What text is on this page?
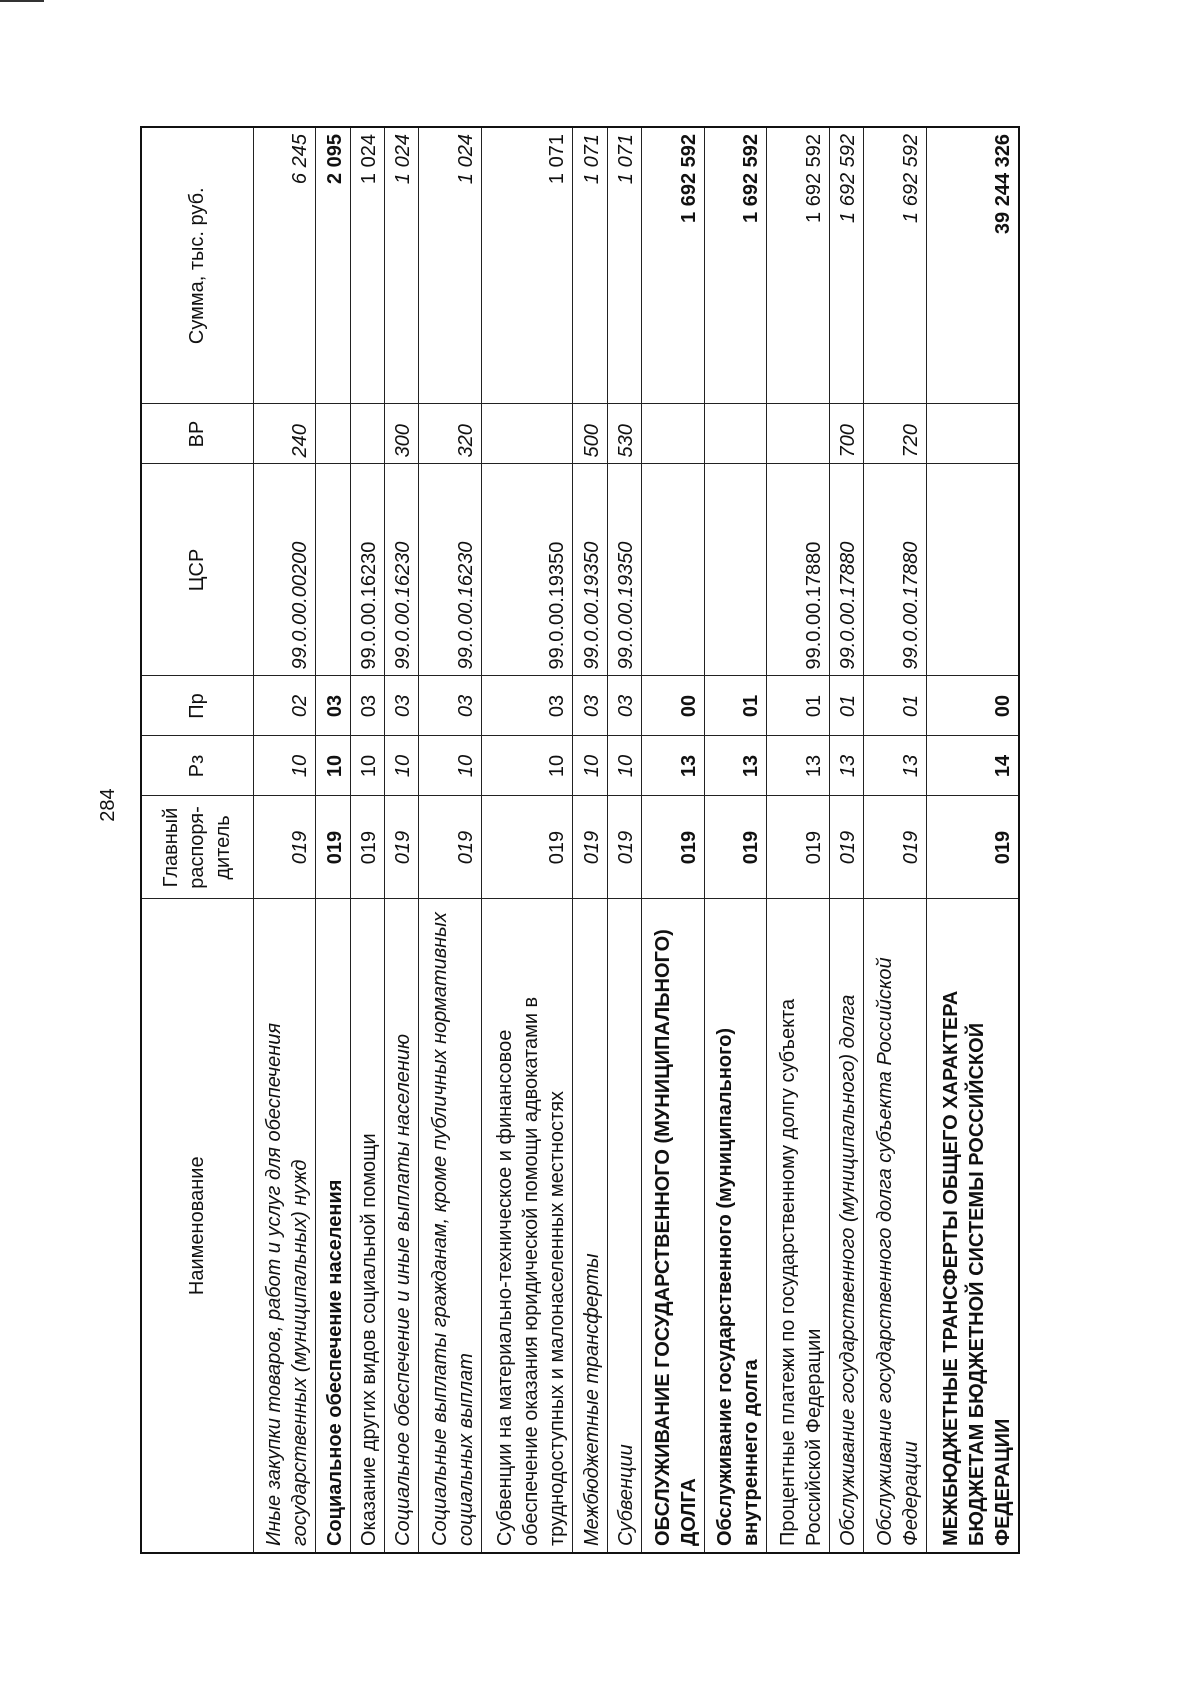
284
Наименование	Главный распоря-дитель	Рз	Пр	ЦСР	ВР	Сумма, тыс. руб.
Иные закупки товаров, работ и услуг для обеспечения государственных (муниципальных) нужд	019	10	02	99.0.00.00200	240	6 245
Социальное обеспечение населения	019	10	03			2 095
Оказание других видов социальной помощи	019	10	03	99.0.00.16230		1 024
Социальное обеспечение и иные выплаты населению	019	10	03	99.0.00.16230	300	1 024
Социальные выплаты гражданам, кроме публичных нормативных социальных выплат	019	10	03	99.0.00.16230	320	1 024
Субвенции на материально-техническое и финансовое обеспечение оказания юридической помощи адвокатами в труднодоступных и малонаселенных местностях	019	10	03	99.0.00.19350		1 071
Межбюджетные трансферты	019	10	03	99.0.00.19350	500	1 071
Субвенции	019	10	03	99.0.00.19350	530	1 071
ОБСЛУЖИВАНИЕ ГОСУДАРСТВЕННОГО (МУНИЦИПАЛЬНОГО) ДОЛГА	019	13	00			1 692 592
Обслуживание государственного (муниципального) внутреннего долга	019	13	01			1 692 592
Процентные платежи по государственному долгу субъекта Российской Федерации	019	13	01	99.0.00.17880		1 692 592
Обслуживание государственного (муниципального) долга	019	13	01	99.0.00.17880	700	1 692 592
Обслуживание государственного долга субъекта Российской Федерации	019	13	01	99.0.00.17880	720	1 692 592
МЕЖБЮДЖЕТНЫЕ ТРАНСФЕРТЫ ОБЩЕГО ХАРАКТЕРА БЮДЖЕТАМ БЮДЖЕТНОЙ СИСТЕМЫ РОССИЙСКОЙ ФЕДЕРАЦИИ	019	14	00			39 244 326
